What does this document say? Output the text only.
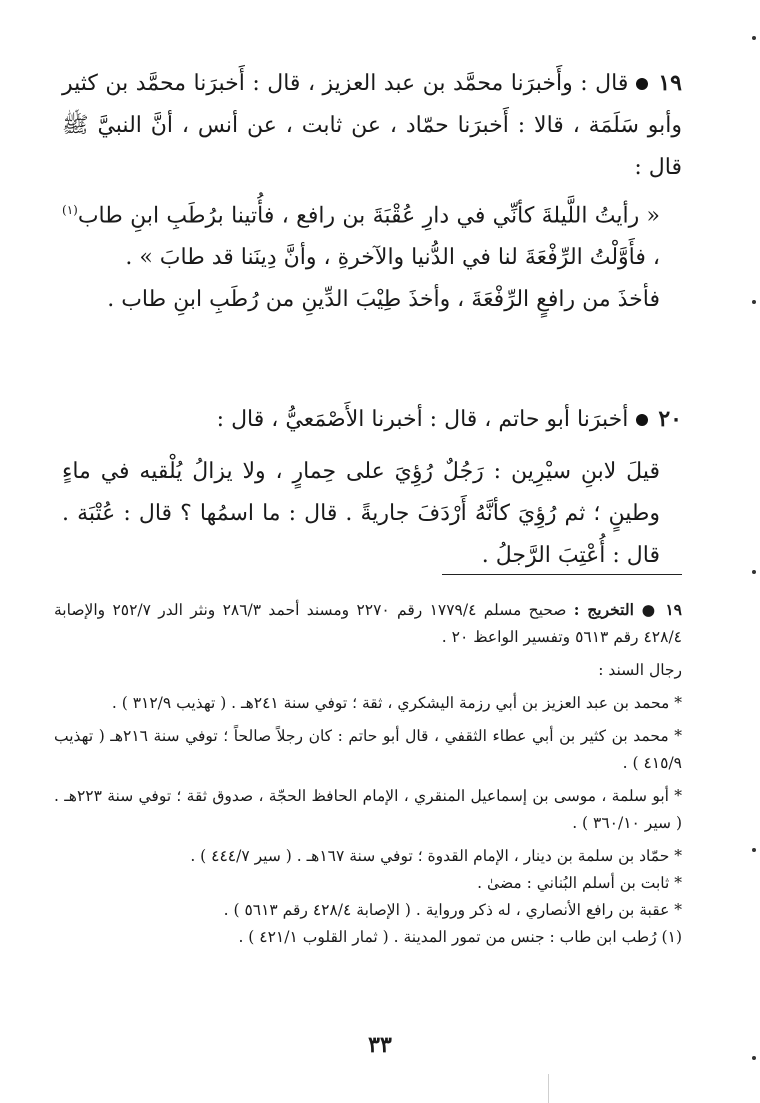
١٩قال : وأَخبرَنا محمَّد بن عبد العزيز ، قال : أَخبرَنا محمَّد بن كثير وأبو سَلَمَة ، قالا : أَخبرَنا حمّاد ، عن ثابت ، عن أنس ، أنَّ النبيَّ ﷺ قال :

« رأيتُ اللَّيلةَ كأنِّي في دارِ عُقْبَةَ بن رافع ، فأُتينا برُطَبِ ابنِ طاب$^{(١)}$ ، فأَوَّلْتُ الرِّفْعَةَ لنا في الدُّنيا والآخرةِ ، وأنَّ دِينَنا قد طابَ » .

فأخذَ من رافعٍ الرِّفْعَةَ ، وأخذَ طِيْبَ الدِّينِ من رُطَبِ ابنِ طاب .

٢٠أخبرَنا أبو حاتم ، قال : أخبرنا الأَصْمَعيُّ ، قال :

قيلَ لابنِ سيْرِين : رَجُلٌ رُؤِيَ على حِمارٍ ، ولا يزالُ يُلْقيه في ماءٍ وطينٍ ؛ ثم رُؤِيَ كأنَّهُ أَرْدَفَ جاريةً . قال : ما اسمُها ؟ قال : عُتْبَة . قال : أُعْتِبَ الرَّجلُ .

١٩ ● التخريج : صحيح مسلم ١٧٧٩/٤ رقم ٢٢٧٠ ومسند أحمد ٢٨٦/٣ ونثر الدر ٢٥٢/٧ والإصابة ٤٢٨/٤ رقم ٥٦١٣ وتفسير الواعظ ٢٠ .

رجال السند :

* محمد بن عبد العزيز بن أبي رزمة اليشكري ، ثقة ؛ توفي سنة ٢٤١هـ . ( تهذيب ٣١٢/٩ ) .

* محمد بن كثير بن أبي عطاء الثقفي ، قال أبو حاتم : كان رجلاً صالحاً ؛ توفي سنة ٢١٦هـ ( تهذيب ٤١٥/٩ ) .

* أبو سلمة ، موسى بن إسماعيل المنقري ، الإمام الحافظ الحجّة ، صدوق ثقة ؛ توفي سنة ٢٢٣هـ . ( سير ٣٦٠/١٠ ) .

* حمّاد بن سلمة بن دينار ، الإمام القدوة ؛ توفي سنة ١٦٧هـ . ( سير ٤٤٤/٧ ) .

* ثابت بن أسلم البُناني : مضىٰ .

* عقبة بن رافع الأنصاري ، له ذكر ورواية . ( الإصابة ٤٢٨/٤ رقم ٥٦١٣ ) .

(١) رُطب ابن طاب : جنس من تمور المدينة . ( ثمار القلوب ٤٢١/١ ) .

٣٣
